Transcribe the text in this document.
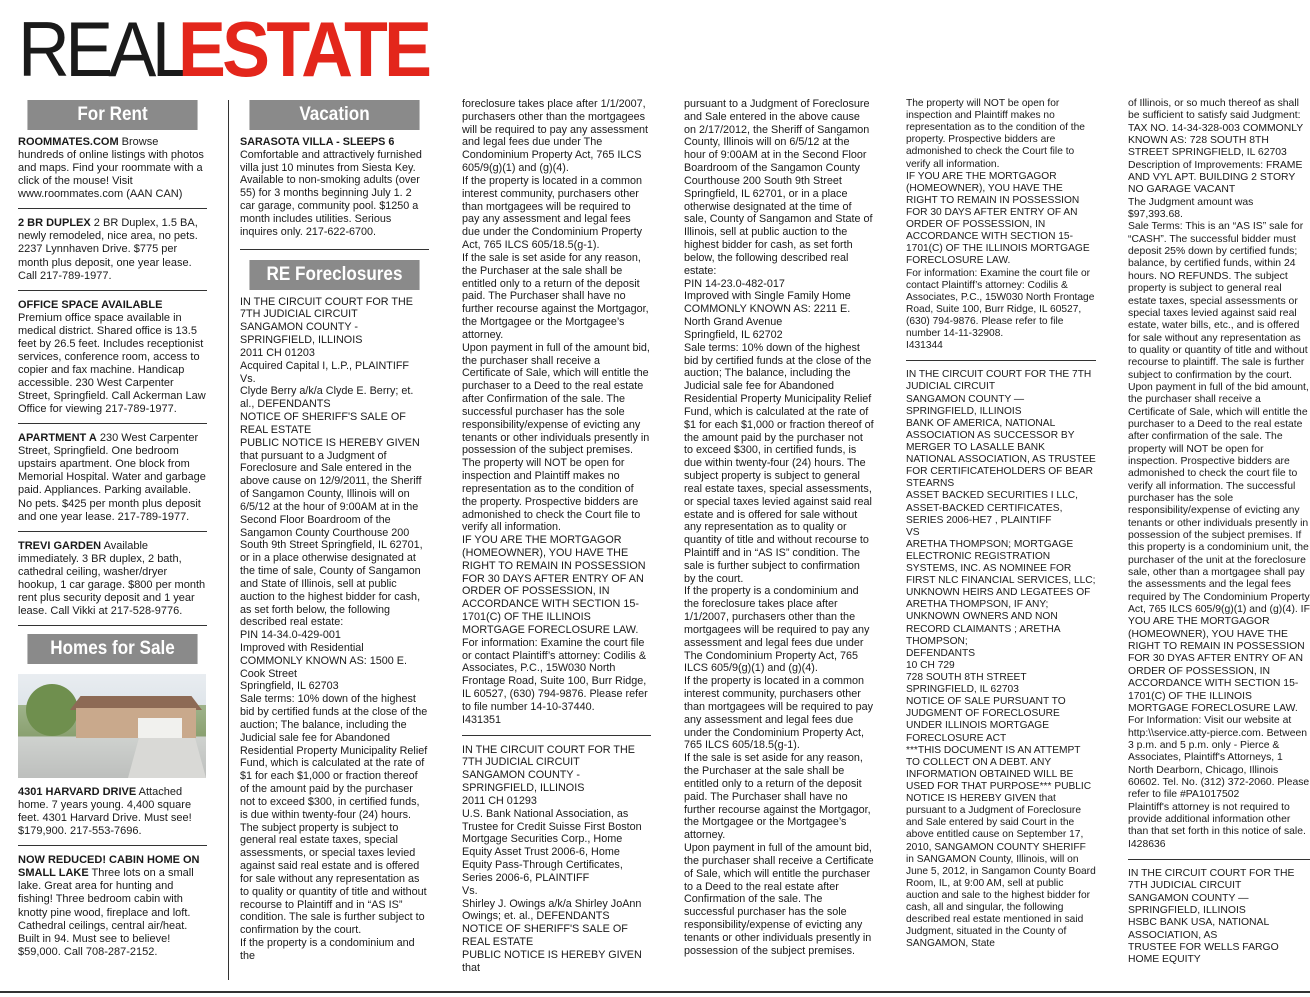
REALESTATE
For Rent
ROOMMATES.COM Browse hundreds of online listings with photos and maps. Find your roommate with a click of the mouse! Visit www.roommates.com (AAN CAN)
2 BR DUPLEX 2 BR Duplex, 1.5 BA, newly remodeled, nice area, no pets. 2237 Lynnhaven Drive. $775 per month plus deposit, one year lease. Call 217-789-1977.
OFFICE SPACE AVAILABLE Premium office space available in medical district. Shared office is 13.5 feet by 26.5 feet. Includes receptionist services, conference room, access to copier and fax machine. Handicap accessible. 230 West Carpenter Street, Springfield. Call Ackerman Law Office for viewing 217-789-1977.
APARTMENT A 230 West Carpenter Street, Springfield. One bedroom upstairs apartment. One block from Memorial Hospital. Water and garbage paid. Appliances. Parking available. No pets. $425 per month plus deposit and one year lease. 217-789-1977.
TREVI GARDEN Available immediately. 3 BR duplex, 2 bath, cathedral ceiling, washer/dryer hookup, 1 car garage. $800 per month rent plus security deposit and 1 year lease. Call Vikki at 217-528-9776.
Homes for Sale
4301 HARVARD DRIVE Attached home. 7 years young. 4,400 square feet. 4301 Harvard Drive. Must see! $179,900. 217-553-7696.
NOW REDUCED! CABIN HOME ON SMALL LAKE Three lots on a small lake. Great area for hunting and fishing! Three bedroom cabin with knotty pine wood, fireplace and loft. Cathedral ceilings, central air/heat. Built in 94. Must see to believe! $59,000. Call 708-287-2152.
Vacation
SARASOTA VILLA - SLEEPS 6
Comfortable and attractively furnished villa just 10 minutes from Siesta Key. Available to non-smoking adults (over 55) for 3 months beginning July 1. 2 car garage, community pool. $1250 a month includes utilities. Serious inquires only. 217-622-6700.
RE Foreclosures

IN THE CIRCUIT COURT FOR THE 7TH JUDICIAL CIRCUIT

SANGAMON COUNTY - SPRINGFIELD, ILLINOIS

2011 CH 01203

Acquired Capital I, L.P., PLAINTIFF

Vs.

Clyde Berry a/k/a Clyde E. Berry; et. al., DEFENDANTS

NOTICE OF SHERIFF'S SALE OF REAL ESTATE

PUBLIC NOTICE IS HEREBY GIVEN that pursuant to a Judgment of Foreclosure and Sale entered in the above cause on 12/9/2011, the Sheriff of Sangamon County, Illinois will on 6/5/12 at the hour of 9:00AM at in the Second Floor Boardroom of the Sangamon County Courthouse 200 South 9th Street Springfield, IL 62701, or in a place otherwise designated at the time of sale, County of Sangamon and State of Illinois, sell at public auction to the highest bidder for cash, as set forth below, the following described real estate:

PIN 14-34.0-429-001

Improved with Residential

COMMONLY KNOWN AS: 1500 E. Cook Street

Springfield, IL 62703

Sale terms: 10% down of the highest bid by certified funds at the close of the auction; The balance, including the Judicial sale fee for Abandoned Residential Property Municipality Relief Fund, which is calculated at the rate of $1 for each $1,000 or fraction thereof of the amount paid by the purchaser not to exceed $300, in certified funds, is due within twenty-four (24) hours. The subject property is subject to general real estate taxes, special assessments, or special taxes levied against said real estate and is offered for sale without any representation as to quality or quantity of title and without recourse to Plaintiff and in “AS IS” condition. The sale is further subject to confirmation by the court.

If the property is a condominium and the

foreclosure takes place after 1/1/2007, purchasers other than the mortgagees will be required to pay any assessment and legal fees due under The Condominium Property Act, 765 ILCS 605/9(g)(1) and (g)(4).

If the property is located in a common interest community, purchasers other than mortgagees will be required to pay any assessment and legal fees due under the Condominium Property Act, 765 ILCS 605/18.5(g-1).

If the sale is set aside for any reason, the Purchaser at the sale shall be entitled only to a return of the deposit paid. The Purchaser shall have no further recourse against the Mortgagor, the Mortgagee or the Mortgagee’s attorney.

Upon payment in full of the amount bid, the purchaser shall receive a Certificate of Sale, which will entitle the purchaser to a Deed to the real estate after Confirmation of the sale. The successful purchaser has the sole responsibility/expense of evicting any tenants or other individuals presently in possession of the subject premises.

The property will NOT be open for inspection and Plaintiff makes no representation as to the condition of the property. Prospective bidders are admonished to check the Court file to verify all information.

IF YOU ARE THE MORTGAGOR (HOMEOWNER), YOU HAVE THE RIGHT TO REMAIN IN POSSESSION FOR 30 DAYS AFTER ENTRY OF AN ORDER OF POSSESSION, IN ACCORDANCE WITH SECTION 15-1701(C) OF THE ILLINOIS MORTGAGE FORECLOSURE LAW.

For information: Examine the court file or contact Plaintiff’s attorney: Codilis & Associates, P.C., 15W030 North Frontage Road, Suite 100, Burr Ridge, IL 60527, (630) 794-9876. Please refer to file number 14-10-37440.

I431351

IN THE CIRCUIT COURT FOR THE 7TH JUDICIAL CIRCUIT

SANGAMON COUNTY - SPRINGFIELD, ILLINOIS

2011 CH 01293

U.S. Bank National Association, as Trustee for Credit Suisse First Boston Mortgage Securities Corp., Home Equity Asset Trust 2006-6, Home Equity Pass-Through Certificates, Series 2006-6, PLAINTIFF

Vs.

Shirley J. Owings a/k/a Shirley JoAnn Owings; et. al., DEFENDANTS

NOTICE OF SHERIFF'S SALE OF REAL ESTATE

PUBLIC NOTICE IS HEREBY GIVEN that

pursuant to a Judgment of Foreclosure and Sale entered in the above cause on 2/17/2012, the Sheriff of Sangamon County, Illinois will on 6/5/12 at the hour of 9:00AM at in the Second Floor Boardroom of the Sangamon County Courthouse 200 South 9th Street Springfield, IL 62701, or in a place otherwise designated at the time of sale, County of Sangamon and State of Illinois, sell at public auction to the highest bidder for cash, as set forth below, the following described real estate:

PIN 14-23.0-482-017

Improved with Single Family Home

COMMONLY KNOWN AS: 2211 E. North Grand Avenue

Springfield, IL 62702

Sale terms: 10% down of the highest bid by certified funds at the close of the auction; The balance, including the Judicial sale fee for Abandoned Residential Property Municipality Relief Fund, which is calculated at the rate of $1 for each $1,000 or fraction thereof of the amount paid by the purchaser not to exceed $300, in certified funds, is due within twenty-four (24) hours. The subject property is subject to general real estate taxes, special assessments, or special taxes levied against said real estate and is offered for sale without any representation as to quality or quantity of title and without recourse to Plaintiff and in “AS IS” condition. The sale is further subject to confirmation by the court.

If the property is a condominium and the foreclosure takes place after 1/1/2007, purchasers other than the mortgagees will be required to pay any assessment and legal fees due under The Condominium Property Act, 765 ILCS 605/9(g)(1) and (g)(4).

If the property is located in a common interest community, purchasers other than mortgagees will be required to pay any assessment and legal fees due under the Condominium Property Act, 765 ILCS 605/18.5(g-1).

If the sale is set aside for any reason, the Purchaser at the sale shall be entitled only to a return of the deposit paid. The Purchaser shall have no further recourse against the Mortgagor, the Mortgagee or the Mortgagee’s attorney.

Upon payment in full of the amount bid, the purchaser shall receive a Certificate of Sale, which will entitle the purchaser to a Deed to the real estate after Confirmation of the sale. The successful purchaser has the sole responsibility/expense of evicting any tenants or other individuals presently in possession of the subject premises.

The property will NOT be open for inspection and Plaintiff makes no representation as to the condition of the property. Prospective bidders are admonished to check the Court file to verify all information.

IF YOU ARE THE MORTGAGOR (HOMEOWNER), YOU HAVE THE RIGHT TO REMAIN IN POSSESSION FOR 30 DAYS AFTER ENTRY OF AN ORDER OF POSSESSION, IN ACCORDANCE WITH SECTION 15-1701(C) OF THE ILLINOIS MORTGAGE FORECLOSURE LAW.

For information: Examine the court file or contact Plaintiff’s attorney: Codilis & Associates, P.C., 15W030 North Frontage Road, Suite 100, Burr Ridge, IL 60527, (630) 794-9876. Please refer to file number 14-11-32908.

I431344

IN THE CIRCUIT COURT FOR THE 7TH JUDICIAL CIRCUIT

SANGAMON COUNTY — SPRINGFIELD, ILLINOIS

BANK OF AMERICA, NATIONAL ASSOCIATION AS SUCCESSOR BY MERGER TO LASALLE BANK NATIONAL ASSOCIATION, AS TRUSTEE FOR CERTIFICATEHOLDERS OF BEAR STEARNS

ASSET BACKED SECURITIES I LLC, ASSET-BACKED CERTIFICATES, SERIES 2006-HE7 , PLAINTIFF

VS

ARETHA THOMPSON; MORTGAGE ELECTRONIC REGISTRATION SYSTEMS, INC. AS NOMINEE FOR FIRST NLC FINANCIAL SERVICES, LLC; UNKNOWN HEIRS AND LEGATEES OF ARETHA THOMPSON, IF ANY; UNKNOWN OWNERS AND NON RECORD CLAIMANTS ; ARETHA THOMPSON;

DEFENDANTS

10 CH 729

728 SOUTH 8TH STREET

SPRINGFIELD, IL 62703

NOTICE OF SALE PURSUANT TO JUDGMENT OF FORECLOSURE UNDER ILLINOIS MORTGAGE FORECLOSURE ACT

***THIS DOCUMENT IS AN ATTEMPT TO COLLECT ON A DEBT. ANY INFORMATION OBTAINED WILL BE USED FOR THAT PURPOSE*** PUBLIC NOTICE IS HEREBY GIVEN that pursuant to a Judgment of Foreclosure and Sale entered by said Court in the above entitled cause on September 17, 2010, SANGAMON COUNTY SHERIFF in SANGAMON County, Illinois, will on June 5, 2012, in Sangamon County Board Room, IL, at 9:00 AM, sell at public auction and sale to the highest bidder for cash, all and singular, the following described real estate mentioned in said Judgment, situated in the County of SANGAMON, State

of Illinois, or so much thereof as shall be sufficient to satisfy said Judgment:

TAX NO. 14-34-328-003 COMMONLY KNOWN AS: 728 SOUTH 8TH STREET SPRINGFIELD, IL 62703 Description of Improvements: FRAME AND VYL APT. BUILDING 2 STORY NO GARAGE VACANT

The Judgment amount was $97,393.68.

Sale Terms: This is an “AS IS” sale for “CASH”. The successful bidder must deposit 25% down by certified funds; balance, by certified funds, within 24 hours. NO REFUNDS. The subject property is subject to general real estate taxes, special assessments or special taxes levied against said real estate, water bills, etc., and is offered for sale without any representation as to quality or quantity of title and without recourse to plaintiff. The sale is further subject to confirmation by the court. Upon payment in full of the bid amount, the purchaser shall receive a Certificate of Sale, which will entitle the purchaser to a Deed to the real estate after confirmation of the sale. The property will NOT be open for inspection. Prospective bidders are admonished to check the court file to verify all information. The successful purchaser has the sole responsibility/expense of evicting any tenants or other individuals presently in possession of the subject premises. If this property is a condominium unit, the purchaser of the unit at the foreclosure sale, other than a mortgagee shall pay the assessments and the legal fees required by The Condominium Property Act, 765 ILCS 605/9(g)(1) and (g)(4). IF YOU ARE THE MORTGAGOR (HOMEOWNER), YOU HAVE THE RIGHT TO REMAIN IN POSSESSION FOR 30 DYAS AFTER ENTRY OF AN ORDER OF POSSESSION, IN ACCORDANCE WITH SECTION 15-1701(C) OF THE ILLINOIS MORTGAGE FORECLOSURE LAW. For Information: Visit our website at http:\\service.atty-pierce.com. Between 3 p.m. and 5 p.m. only - Pierce & Associates, Plaintiff's Attorneys, 1 North Dearborn, Chicago, Illinois 60602. Tel. No. (312) 372-2060. Please refer to file #PA1017502

Plaintiff's attorney is not required to provide additional information other than that set forth in this notice of sale.

I428636

IN THE CIRCUIT COURT FOR THE 7TH JUDICIAL CIRCUIT

SANGAMON COUNTY — SPRINGFIELD, ILLINOIS

HSBC BANK USA, NATIONAL ASSOCIATION, AS

TRUSTEE FOR WELLS FARGO HOME EQUITY
